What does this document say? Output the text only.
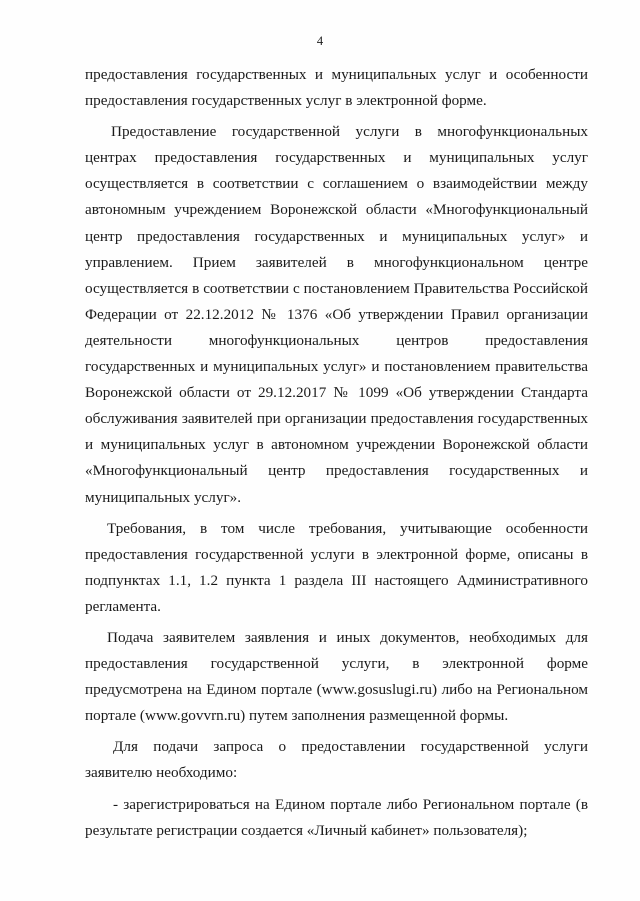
4
предоставления государственных и муниципальных услуг и особенности
предоставления государственных услуг в электронной форме.
Предоставление государственной услуги в многофункциональных
центрах предоставления государственных и муниципальных услуг
осуществляется в соответствии с соглашением о взаимодействии между
автономным учреждением Воронежской области «Многофункциональный
центр предоставления государственных и муниципальных услуг» и
управлением. Прием заявителей в многофункциональном центре
осуществляется в соответствии с постановлением Правительства Российской
Федерации от 22.12.2012 № 1376 «Об утверждении Правил организации
деятельности многофункциональных центров предоставления
государственных и муниципальных услуг» и постановлением правительства
Воронежской области от 29.12.2017 № 1099 «Об утверждении Стандарта
обслуживания заявителей при организации предоставления государственных
и муниципальных услуг в автономном учреждении Воронежской области
«Многофункциональный центр предоставления государственных и
муниципальных услуг».
Требования, в том числе требования, учитывающие особенности
предоставления государственной услуги в электронной форме, описаны в
подпунктах 1.1, 1.2 пункта 1 раздела III настоящего Административного
регламента.
Подача заявителем заявления и иных документов, необходимых для
предоставления государственной услуги, в электронной форме
предусмотрена на Едином портале (www.gosuslugi.ru) либо на Региональном
портале (www.govvrn.ru) путем заполнения размещенной формы.
Для подачи запроса о предоставлении государственной услуги
заявителю необходимо:
- зарегистрироваться на Едином портале либо Региональном портале (в
результате регистрации создается «Личный кабинет» пользователя);
